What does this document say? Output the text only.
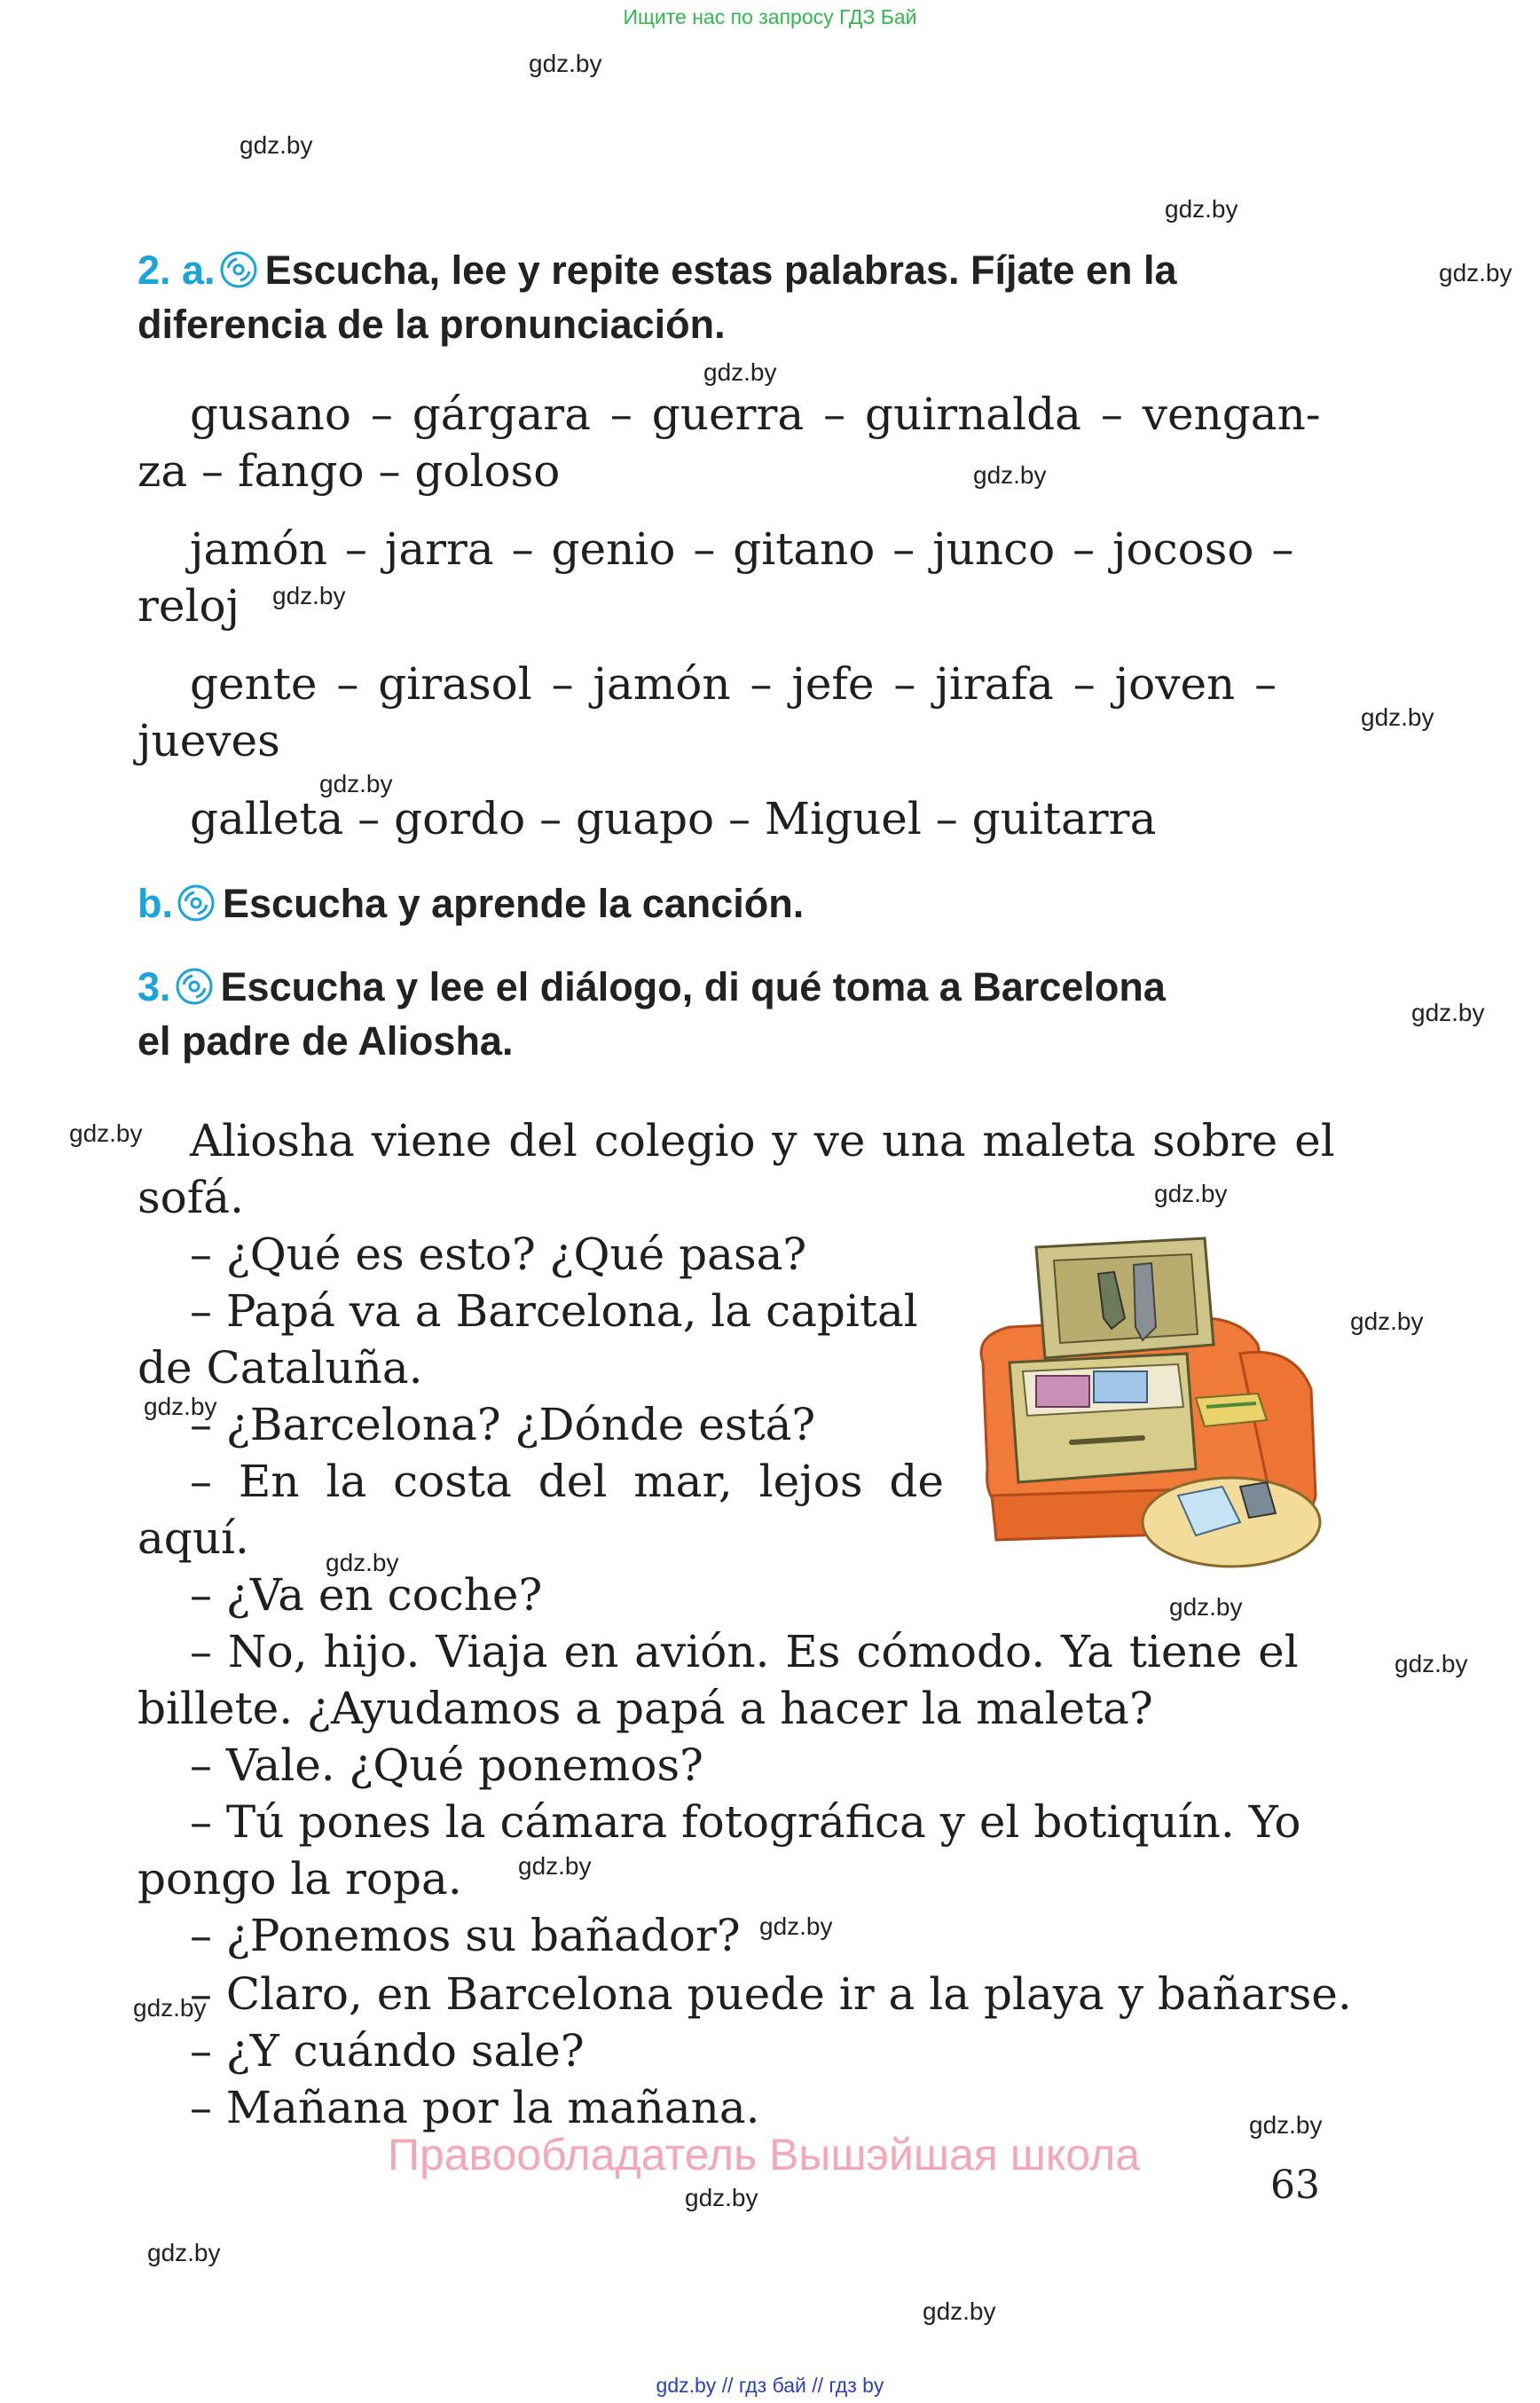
Ищите нас по запросу ГДЗ Бай
gdz.by
gdz.by
gdz.by
gdz.by
gdz.by
gdz.by
gdz.by
gdz.by
gdz.by
gdz.by
gdz.by
gdz.by
gdz.by
gdz.by
gdz.by
gdz.by
gdz.by
gdz.by
gdz.by
gdz.by
gdz.by
gdz.by
gdz.by
gdz.by
2. a. Escucha, lee y repite estas palabras. Fíjate en la
diferencia de la pronunciación.
gusano – gárgara – guerra – guirnalda – vengan-
za – fango – goloso
jamón – jarra – genio – gitano – junco – jocoso –
reloj
gente – girasol – jamón – jefe – jirafa – joven –
jueves
galleta – gordo – guapo – Miguel – guitarra
b. Escucha y aprende la canción.
3. Escucha y lee el diálogo, di qué toma a Barcelona
el padre de Aliosha.
Aliosha viene del colegio y ve una maleta sobre el
sofá.
– ¿Qué es esto? ¿Qué pasa?
– Papá va a Barcelona, la capital
de Cataluña.
– ¿Barcelona? ¿Dónde está?
– En la costa del mar, lejos de
aquí.
– ¿Va en coche?
– No, hijo. Viaja en avión. Es cómodo. Ya tiene el
billete. ¿Ayudamos a papá a hacer la maleta?
– Vale. ¿Qué ponemos?
– Tú pones la cámara fotográfica y el botiquín. Yo
pongo la ropa.
– ¿Ponemos su bañador?
– Claro, en Barcelona puede ir a la playa y bañarse.
– ¿Y cuándo sale?
– Mañana por la mañana.
Правообладатель Вышэйшая школа
63
gdz.by // гдз бай // гдз by
